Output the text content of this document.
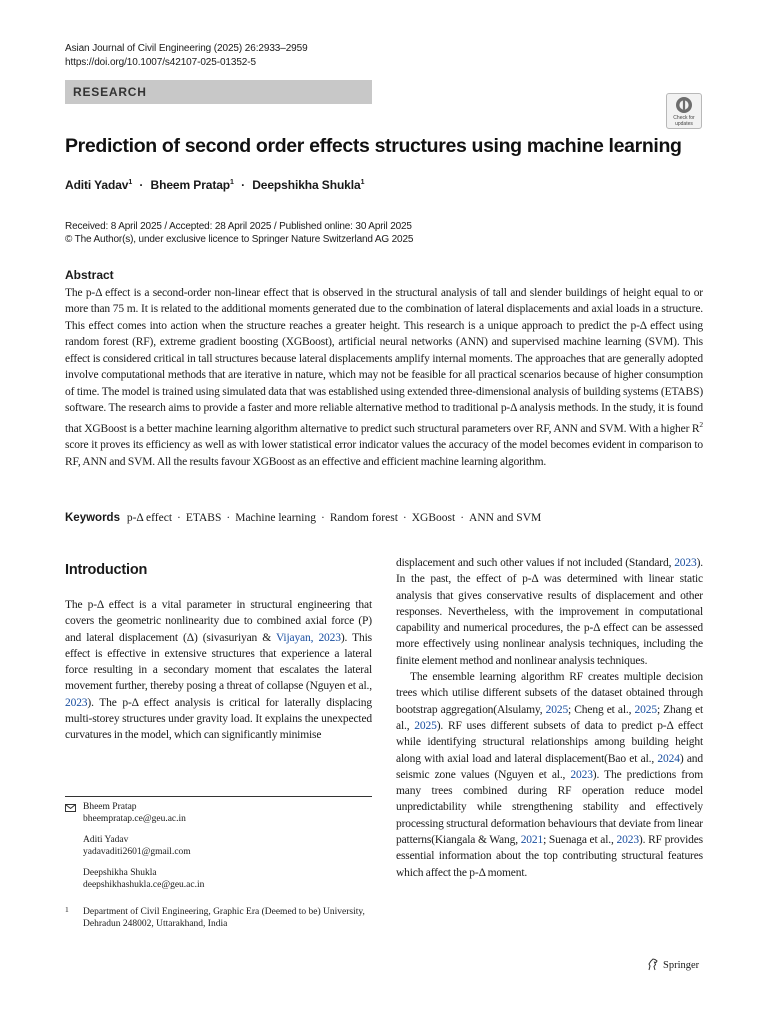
Asian Journal of Civil Engineering (2025) 26:2933–2959
https://doi.org/10.1007/s42107-025-01352-5
RESEARCH
Check for
updates
Prediction of second order effects structures using machine learning
Aditi Yadav$^1$ · Bheem Pratap$^1$ · Deepshikha Shukla$^1$
Received: 8 April 2025 / Accepted: 28 April 2025 / Published online: 30 April 2025
© The Author(s), under exclusive licence to Springer Nature Switzerland AG 2025
Abstract

The p-Δ effect is a second-order non-linear effect that is observed in the structural analysis of tall and slender buildings of height equal to or more than 75 m. It is related to the additional moments generated due to the combination of lateral displacements and axial loads in a structure. This effect comes into action when the structure reaches a greater height. This research is a unique approach to predict the p-Δ effect using random forest (RF), extreme gradient boosting (XGBoost), artificial neural networks (ANN) and supervised machine learning (SVM). This effect is considered critical in tall structures because lateral displacements amplify internal moments. The approaches that are generally adopted involve computational methods that are iterative in nature, which may not be feasible for all practical scenarios because of higher consumption of time. The model is trained using simulated data that was established using extended three-dimensional analysis of building systems (ETABS) software. The research aims to provide a faster and more reliable alternative method to traditional p-Δ analysis methods. In the study, it is found that XGBoost is a better machine learning algorithm alternative to predict such structural parameters over RF, ANN and SVM. With a higher $R^2$ score it proves its efficiency as well as with lower statistical error indicator values the accuracy of the model becomes evident in comparison to RF, ANN and SVM. All the results favour XGBoost as an effective and efficient machine learning algorithm.

Keywords p-Δ effect · ETABS · Machine learning · Random forest · XGBoost · ANN and SVM
Introduction

The p-Δ effect is a vital parameter in structural engineering that covers the geometric nonlinearity due to combined axial force (P) and lateral displacement (Δ) (sivasuriyan & Vijayan, 2023). This effect is effective in extensive structures that experience a lateral force resulting in a secondary moment that escalates the lateral movement further, thereby posing a threat of collapse (Nguyen et al., 2023). The p-Δ effect analysis is critical for laterally displacing multi-storey structures under gravity load. It explains the unexpected curvatures in the model, which can significantly minimise

displacement and such other values if not included (Standard, 2023). In the past, the effect of p-Δ was determined with linear static analysis that gives conservative results of displacement and other responses. Nevertheless, with the improvement in computational capability and numerical procedures, the p-Δ effect can be assessed more effectively using nonlinear analysis techniques, including the finite element method and nonlinear analysis techniques.

The ensemble learning algorithm RF creates multiple decision trees which utilise different subsets of the dataset obtained through bootstrap aggregation(Alsulamy, 2025; Cheng et al., 2025; Zhang et al., 2025). RF uses different subsets of data to predict p-Δ effect while identifying structural relationships among building height along with axial load and lateral displacement(Bao et al., 2024) and seismic zone values (Nguyen et al., 2023). The predictions from many trees combined during RF operation reduce model unpredictability while strengthening stability and effectively processing structural deformation behaviours that deviate from linear patterns(Kiangala & Wang, 2021; Suenaga et al., 2023). RF provides essential information about the top contributing structural features which affect the p-Δ moment.

Bheem Pratap
bheempratap.ce@geu.ac.in
Aditi Yadav
yadavaditi2601@gmail.com
Deepshikha Shukla
deepshikhashukla.ce@geu.ac.in
1 Department of Civil Engineering, Graphic Era (Deemed to be) University, Dehradun 248002, Uttarakhand, India
Springer
